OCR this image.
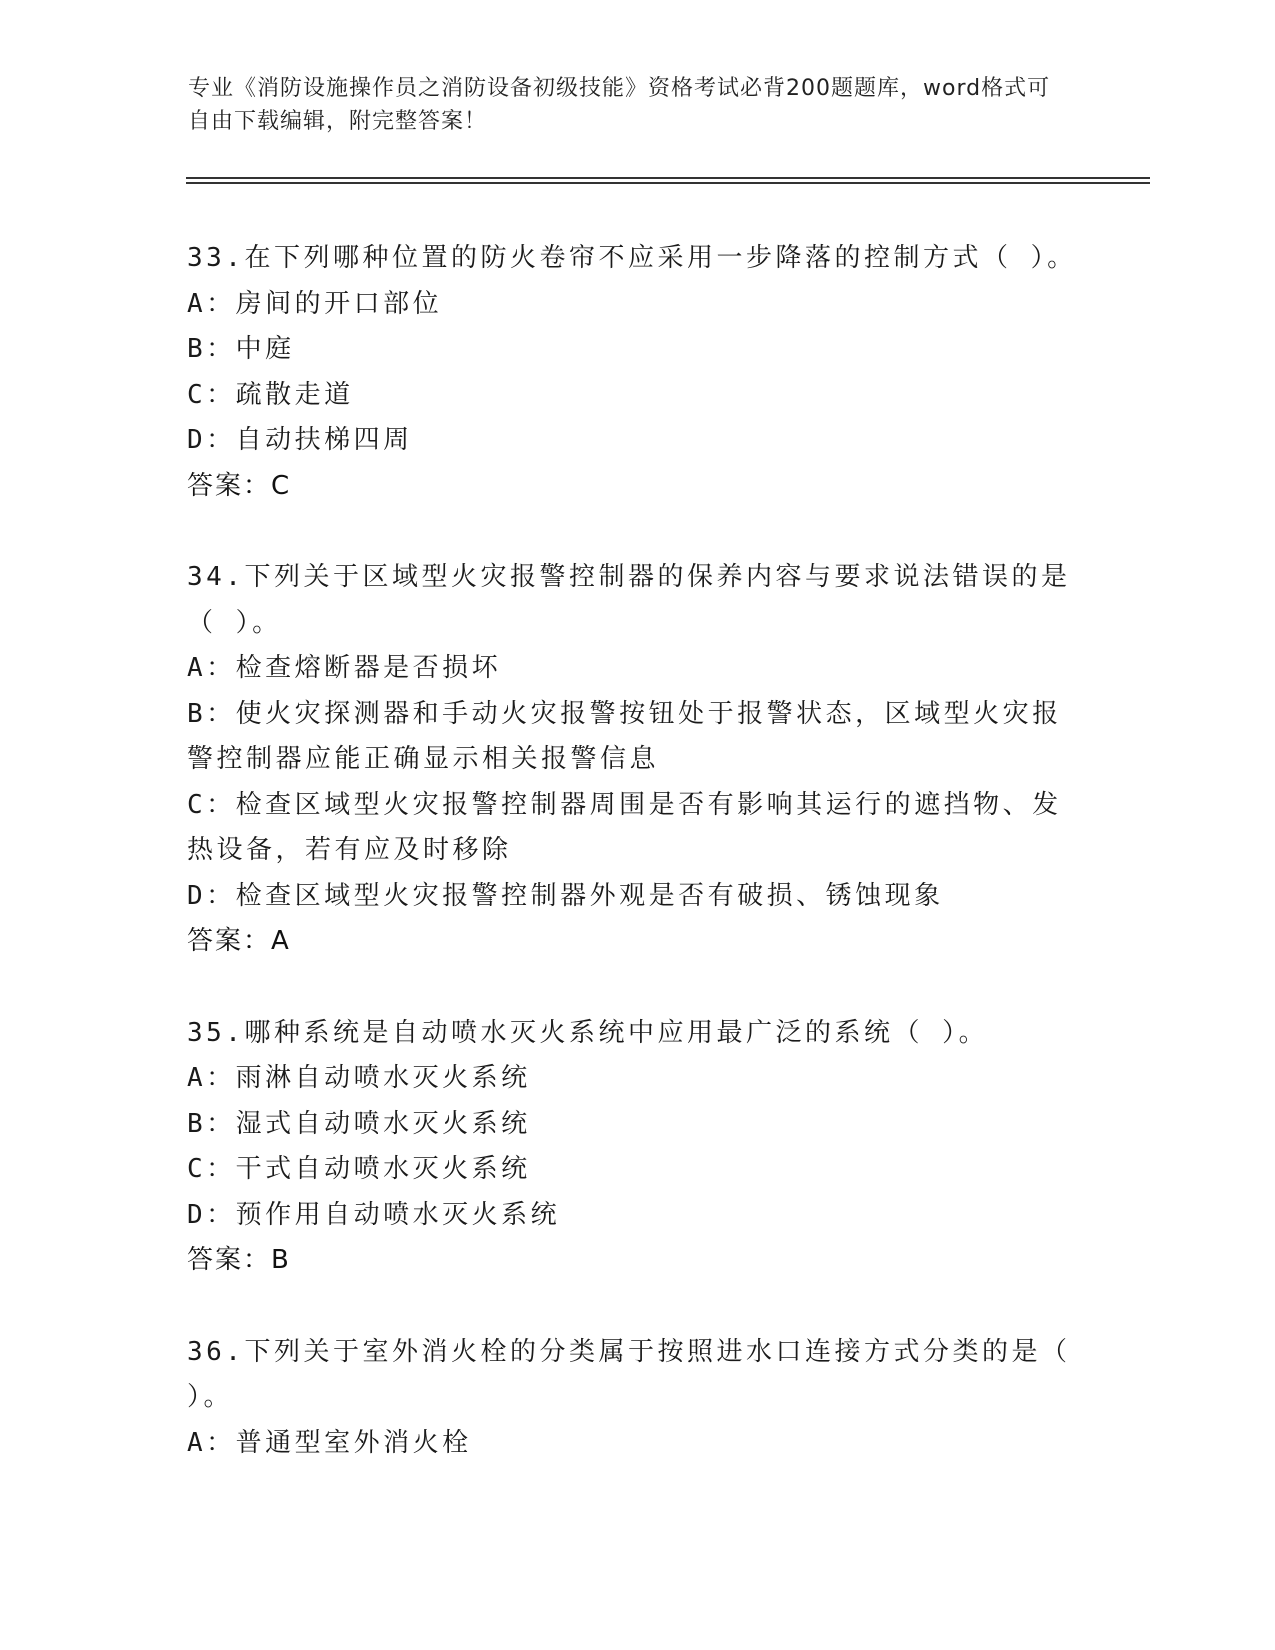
专业《消防设施操作员之消防设备初级技能》资格考试必背200题题库，word格式可自由下载编辑，附完整答案！
33.在下列哪种位置的防火卷帘不应采用一步降落的控制方式（ ）。
A：房间的开口部位
B：中庭
C：疏散走道
D：自动扶梯四周
答案：C
34.下列关于区域型火灾报警控制器的保养内容与要求说法错误的是（ ）。
A：检查熔断器是否损坏
B：使火灾探测器和手动火灾报警按钮处于报警状态，区域型火灾报警控制器应能正确显示相关报警信息
C：检查区域型火灾报警控制器周围是否有影响其运行的遮挡物、发热设备，若有应及时移除
D：检查区域型火灾报警控制器外观是否有破损、锈蚀现象
答案：A
35.哪种系统是自动喷水灭火系统中应用最广泛的系统（ ）。
A：雨淋自动喷水灭火系统
B：湿式自动喷水灭火系统
C：干式自动喷水灭火系统
D：预作用自动喷水灭火系统
答案：B
36.下列关于室外消火栓的分类属于按照进水口连接方式分类的是（ ）。
A：普通型室外消火栓
